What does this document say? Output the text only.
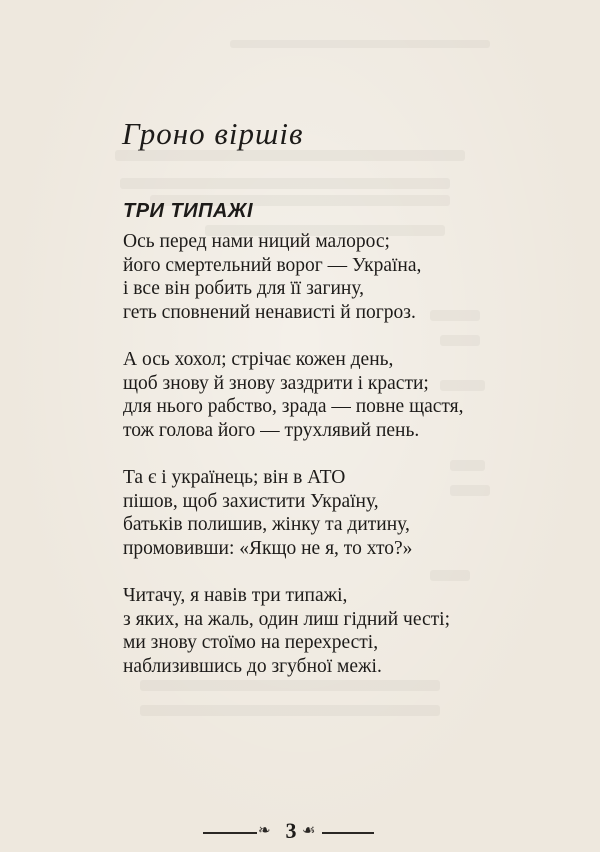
Гроно віршів
ТРИ ТИПАЖІ
Ось перед нами ниций малорос;
його смертельний ворог — Україна,
і все він робить для її загину,
геть сповнений ненависті й погроз.
А ось хохол; стрічає кожен день,
щоб знову й знову заздрити і красти;
для нього рабство, зрада — повне щастя,
тож голова його — трухлявий пень.
Та є і українець; він в АТО
пішов, щоб захистити Україну,
батьків полишив, жінку та дитину,
промовивши: «Якщо не я, то хто?»
Читачу, я навів три типажі,
з яких, на жаль, один лиш гідний честі;
ми знову стоїмо на перехресті,
наблизившись до згубної межі.
❧ 3 ☙
